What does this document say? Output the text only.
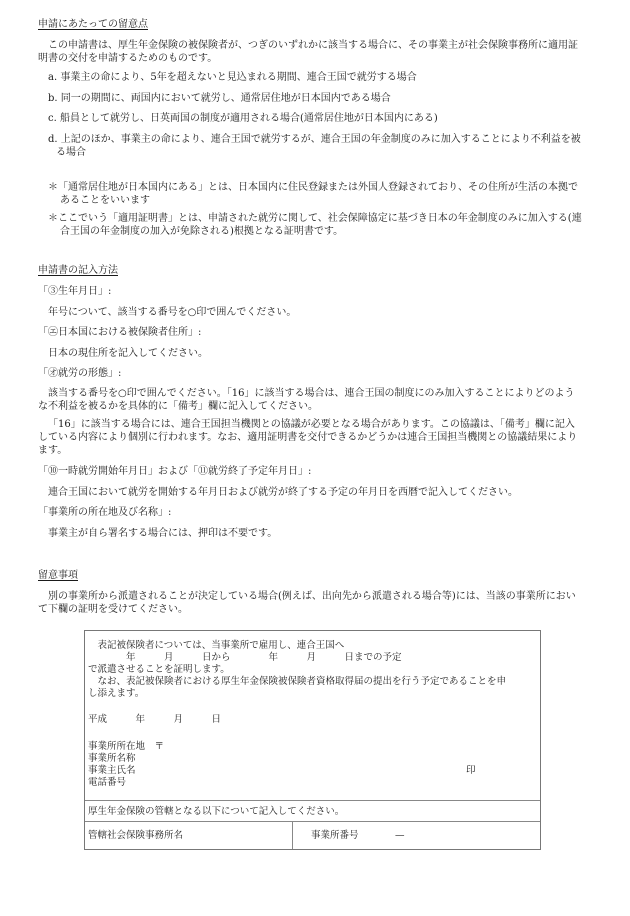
申請にあたっての留意点
この申請書は、厚生年金保険の被保険者が、つぎのいずれかに該当する場合に、その事業主が社会保険事務所に適用証
明書の交付を申請するためのものです。
a. 事業主の命により、5年を超えないと見込まれる期間、連合王国で就労する場合
b. 同一の期間に、両国内において就労し、通常居住地が日本国内である場合
c. 船員として就労し、日英両国の制度が適用される場合(通常居住地が日本国内にある)
d. 上記のほか、事業主の命により、連合王国で就労するが、連合王国の年金制度のみに加入することにより不利益を被
る場合
＊「通常居住地が日本国内にある」とは、日本国内に住民登録または外国人登録されており、その住所が生活の本拠で
あることをいいます
＊ここでいう「適用証明書」とは、申請された就労に関して、社会保障協定に基づき日本の年金制度のみに加入する(連
合王国の年金制度の加入が免除される)根拠となる証明書です。
申請書の記入方法
「③生年月日」:
年号について、該当する番号を○印で囲んでください。
「㋓日本国における被保険者住所」:
日本の現住所を記入してください。
「㋔就労の形態」:
該当する番号を○印で囲んでください。「16」に該当する場合は、連合王国の制度にのみ加入することによりどのよう
な不利益を被るかを具体的に「備考」欄に記入してください。
「16」に該当する場合には、連合王国担当機関との協議が必要となる場合があります。この協議は、「備考」欄に記入
している内容により個別に行われます。なお、適用証明書を交付できるかどうかは連合王国担当機関との協議結果により
ます。
「⑩一時就労開始年月日」および「⑪就労終了予定年月日」:
連合王国において就労を開始する年月日および就労が終了する予定の年月日を西暦で記入してください。
「事業所の所在地及び名称」:
事業主が自ら署名する場合には、押印は不要です。
留意事項
別の事業所から派遣されることが決定している場合(例えば、出向先から派遣される場合等)には、当該の事業所におい
て下欄の証明を受けてください。
　表記被保険者については、当事業所で雇用し、連合王国へ
　　　　年　　　月　　　日から　　　　年　　　月　　　日までの予定
で派遣させることを証明します。
　なお、表記被保険者における厚生年金保険被保険者資格取得届の提出を行う予定であることを申
し添えます。
平成　　　年　　　月　　　日
事業所所在地　〒
事業所名称
事業主氏名	印
電話番号
厚生年金保険の管轄となる以下について記入してください。
管轄社会保険事務所名	事業所番号	—
